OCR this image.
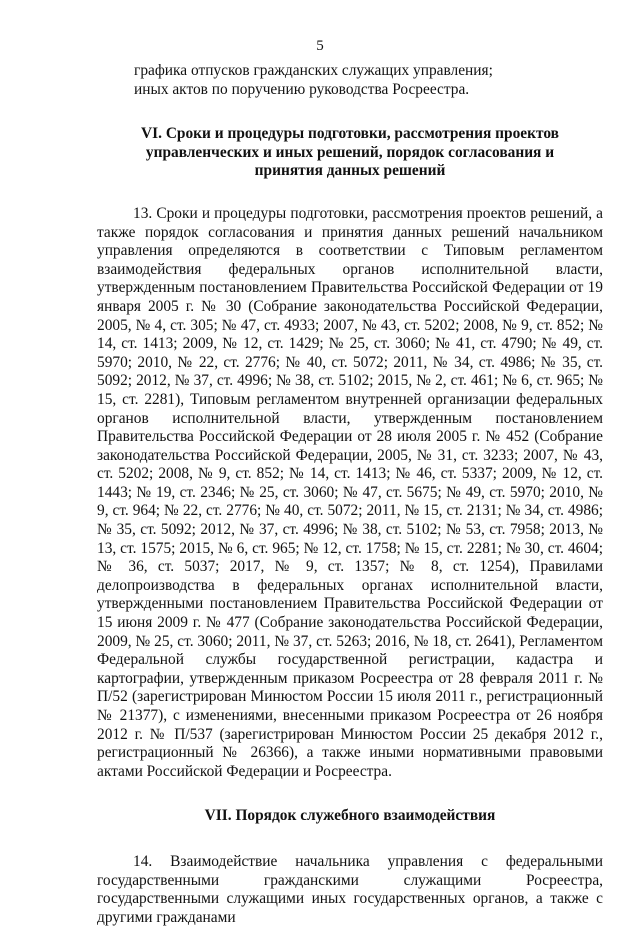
5
графика отпусков гражданских служащих управления;
иных актов по поручению руководства Росреестра.
VI. Сроки и процедуры подготовки, рассмотрения проектов управленческих и иных решений, порядок согласования и принятия данных решений

13. Сроки и процедуры подготовки, рассмотрения проектов решений, а также порядок согласования и принятия данных решений начальником управления определяются в соответствии с Типовым регламентом взаимодействия федеральных органов исполнительной власти, утвержденным постановлением Правительства Российской Федерации от 19 января 2005 г. № 30 (Собрание законодательства Российской Федерации, 2005, № 4, ст. 305; № 47, ст. 4933; 2007, № 43, ст. 5202; 2008, № 9, ст. 852; № 14, ст. 1413; 2009, № 12, ст. 1429; № 25, ст. 3060; № 41, ст. 4790; № 49, ст. 5970; 2010, № 22, ст. 2776; № 40, ст. 5072; 2011, № 34, ст. 4986; № 35, ст. 5092; 2012, № 37, ст. 4996; № 38, ст. 5102; 2015, № 2, ст. 461; № 6, ст. 965; № 15, ст. 2281), Типовым регламентом внутренней организации федеральных органов исполнительной власти, утвержденным постановлением Правительства Российской Федерации от 28 июля 2005 г. № 452 (Собрание законодательства Российской Федерации, 2005, № 31, ст. 3233; 2007, № 43, ст. 5202; 2008, № 9, ст. 852; № 14, ст. 1413; № 46, ст. 5337; 2009, № 12, ст. 1443; № 19, ст. 2346; № 25, ст. 3060; № 47, ст. 5675; № 49, ст. 5970; 2010, № 9, ст. 964; № 22, ст. 2776; № 40, ст. 5072; 2011, № 15, ст. 2131; № 34, ст. 4986; № 35, ст. 5092; 2012, № 37, ст. 4996; № 38, ст. 5102; № 53, ст. 7958; 2013, № 13, ст. 1575; 2015, № 6, ст. 965; № 12, ст. 1758; № 15, ст. 2281; № 30, ст. 4604; № 36, ст. 5037; 2017, № 9, ст. 1357; № 8, ст. 1254), Правилами делопроизводства в федеральных органах исполнительной власти, утвержденными постановлением Правительства Российской Федерации от 15 июня 2009 г. № 477 (Собрание законодательства Российской Федерации, 2009, № 25, ст. 3060; 2011, № 37, ст. 5263; 2016, № 18, ст. 2641), Регламентом Федеральной службы государственной регистрации, кадастра и картографии, утвержденным приказом Росреестра от 28 февраля 2011 г. № П/52 (зарегистрирован Минюстом России 15 июля 2011 г., регистрационный № 21377), с изменениями, внесенными приказом Росреестра от 26 ноября 2012 г. № П/537 (зарегистрирован Минюстом России 25 декабря 2012 г., регистрационный № 26366), а также иными нормативными правовыми актами Российской Федерации и Росреестра.

VII. Порядок служебного взаимодействия

14. Взаимодействие начальника управления с федеральными государственными гражданскими служащими Росреестра, государственными служащими иных государственных органов, а также с другими гражданами
